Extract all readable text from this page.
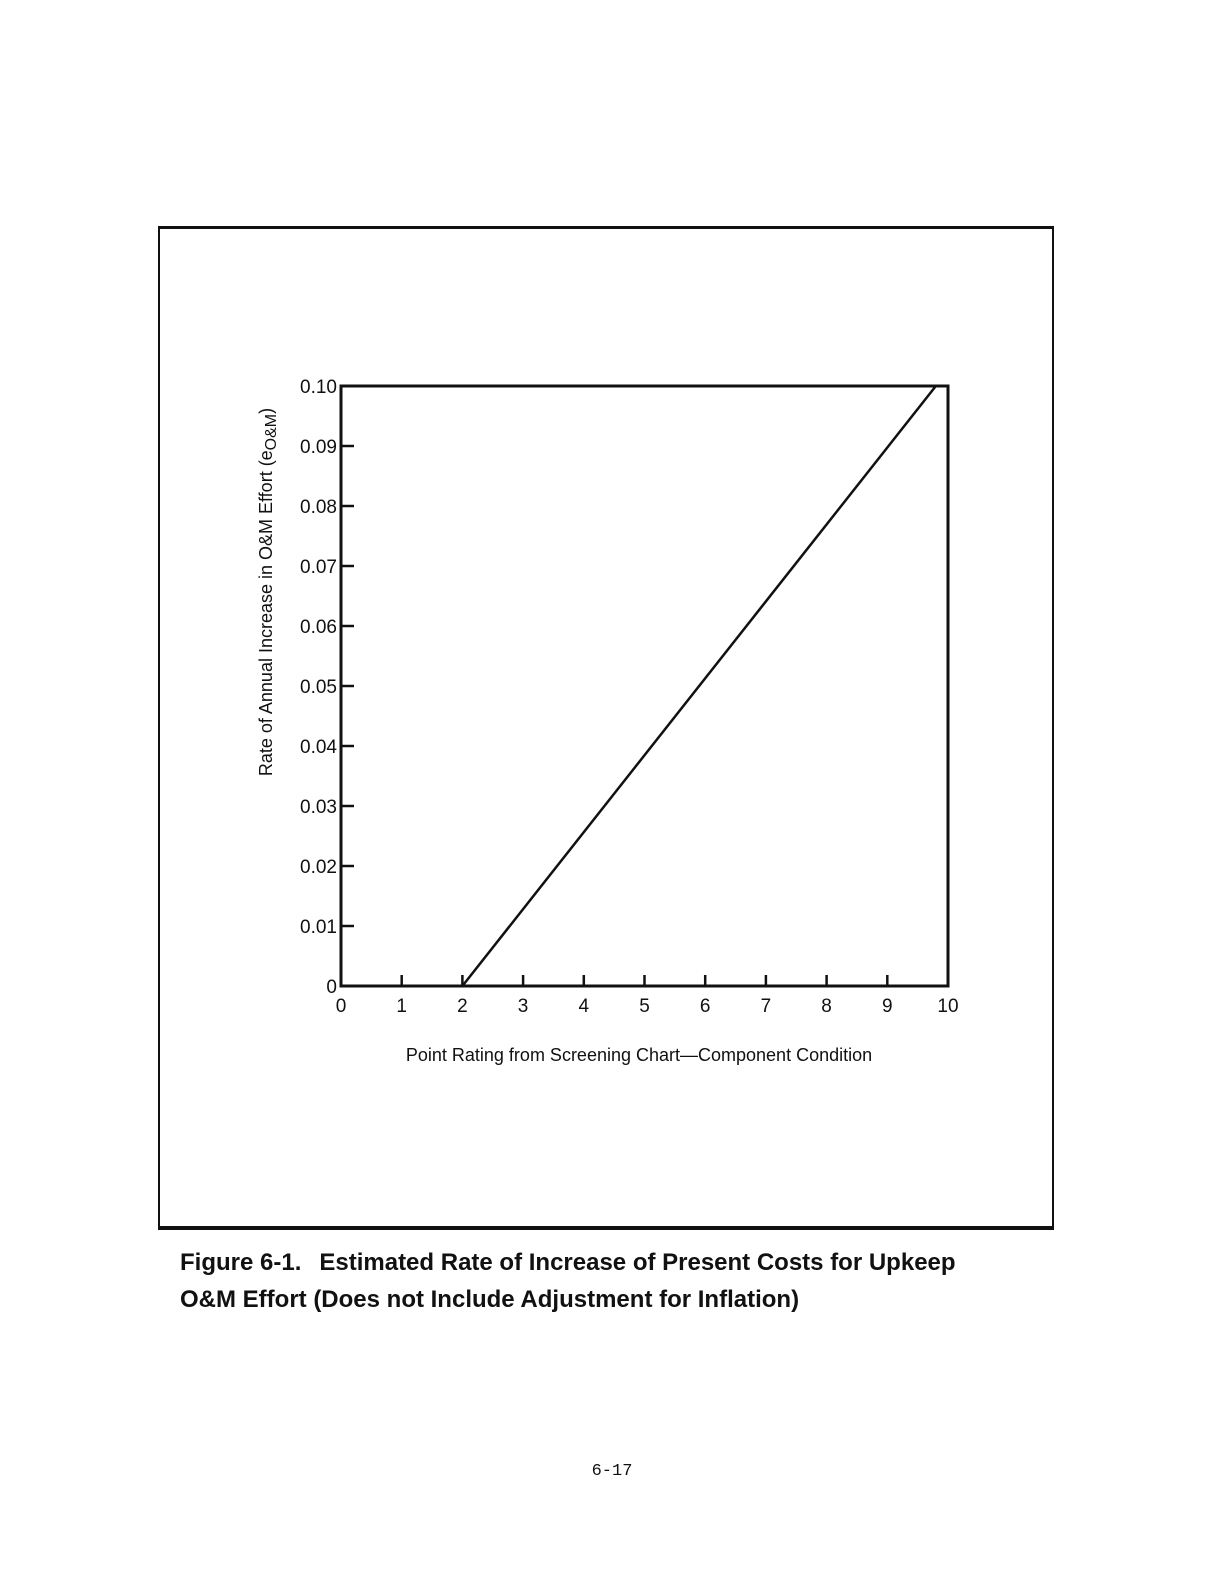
0
0.01
0.02
0.03
0.04
0.05
0.06
0.07
0.08
0.09
0.10
0	1	2	3	4	5	6	7	8	9 10
Rate of Annual Increase in O&M Effort (eO&M)
Point Rating from Screening Chart—Component Condition

Figure 6-1. Estimated Rate of Increase of Present Costs for Upkeep
O&M Effort (Does not Include Adjustment for Inflation)

6-17
